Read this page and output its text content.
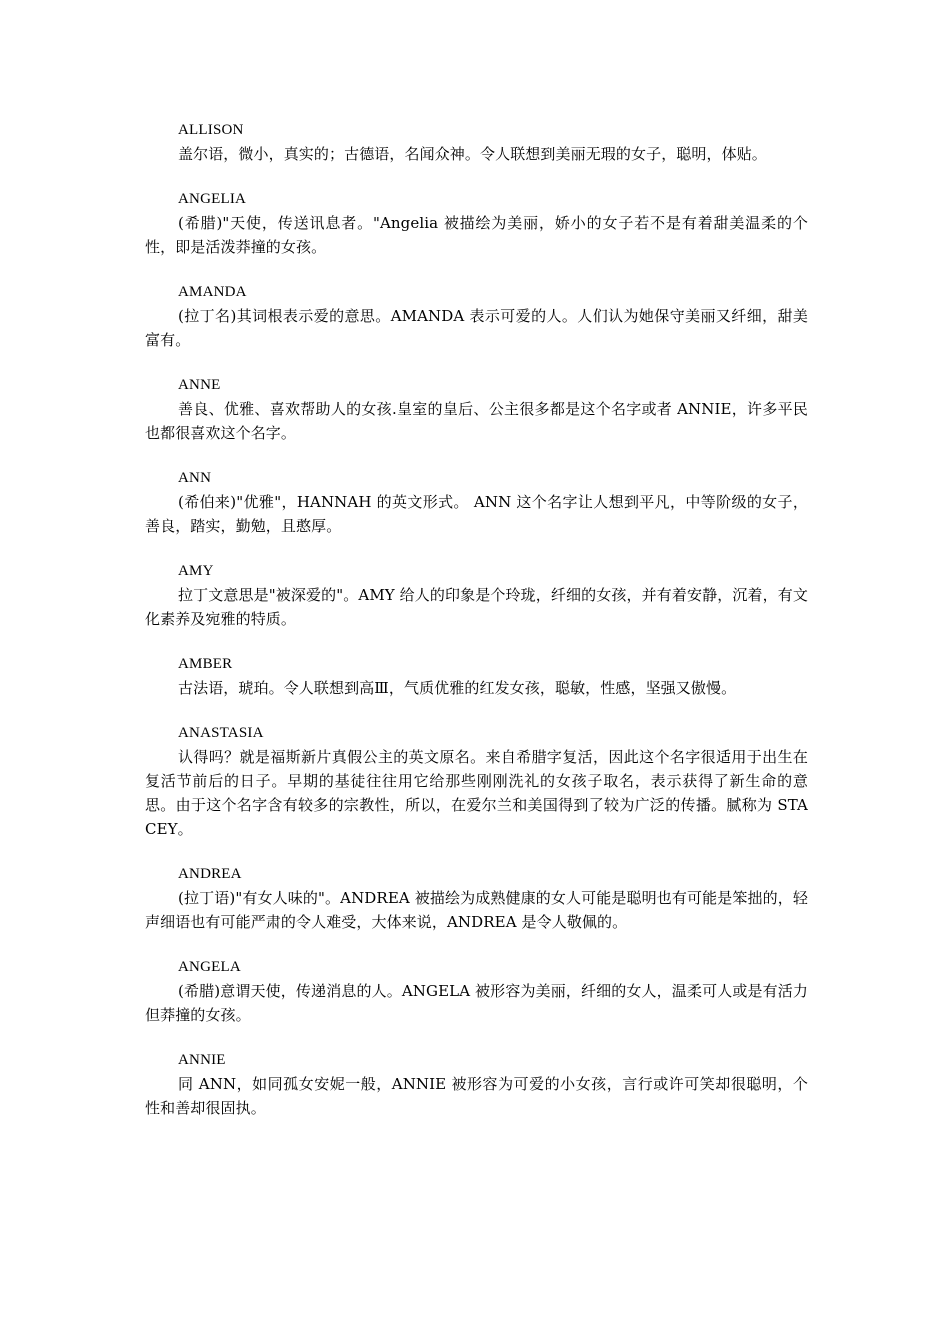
ALLISON
盖尔语，微小，真实的；古德语，名闻众神。令人联想到美丽无瑕的女子，聪明，体贴。
ANGELIA
(希腊)"天使，传送讯息者。"Angelia 被描绘为美丽，娇小的女子若不是有着甜美温柔的个性，即是活泼莽撞的女孩。
AMANDA
(拉丁名)其词根表示爱的意思。AMANDA 表示可爱的人。人们认为她保守美丽又纤细，甜美富有。
ANNE
善良、优雅、喜欢帮助人的女孩.皇室的皇后、公主很多都是这个名字或者 ANNIE，许多平民也都很喜欢这个名字。
ANN
(希伯来)"优雅"，HANNAH 的英文形式。 ANN 这个名字让人想到平凡，中等阶级的女子，善良，踏实，勤勉，且憨厚。
AMY
拉丁文意思是"被深爱的"。AMY 给人的印象是个玲珑，纤细的女孩，并有着安静，沉着，有文化素养及宛雅的特质。
AMBER
古法语，琥珀。令人联想到高Ⅲ，气质优雅的红发女孩，聪敏，性感，坚强又傲慢。
ANASTASIA
认得吗？就是福斯新片真假公主的英文原名。来自希腊字复活，因此这个名字很适用于出生在复活节前后的日子。早期的基徒往往用它给那些刚刚洗礼的女孩子取名，表示获得了新生命的意思。由于这个名字含有较多的宗教性，所以，在爱尔兰和美国得到了较为广泛的传播。腻称为 STACEY。
ANDREA
(拉丁语)"有女人味的"。ANDREA 被描绘为成熟健康的女人可能是聪明也有可能是笨拙的，轻声细语也有可能严肃的令人难受，大体来说，ANDREA 是令人敬佩的。
ANGELA
(希腊)意谓天使，传递消息的人。ANGELA 被形容为美丽，纤细的女人，温柔可人或是有活力但莽撞的女孩。
ANNIE
同 ANN，如同孤女安妮一般，ANNIE 被形容为可爱的小女孩，言行或许可笑却很聪明，个性和善却很固执。
